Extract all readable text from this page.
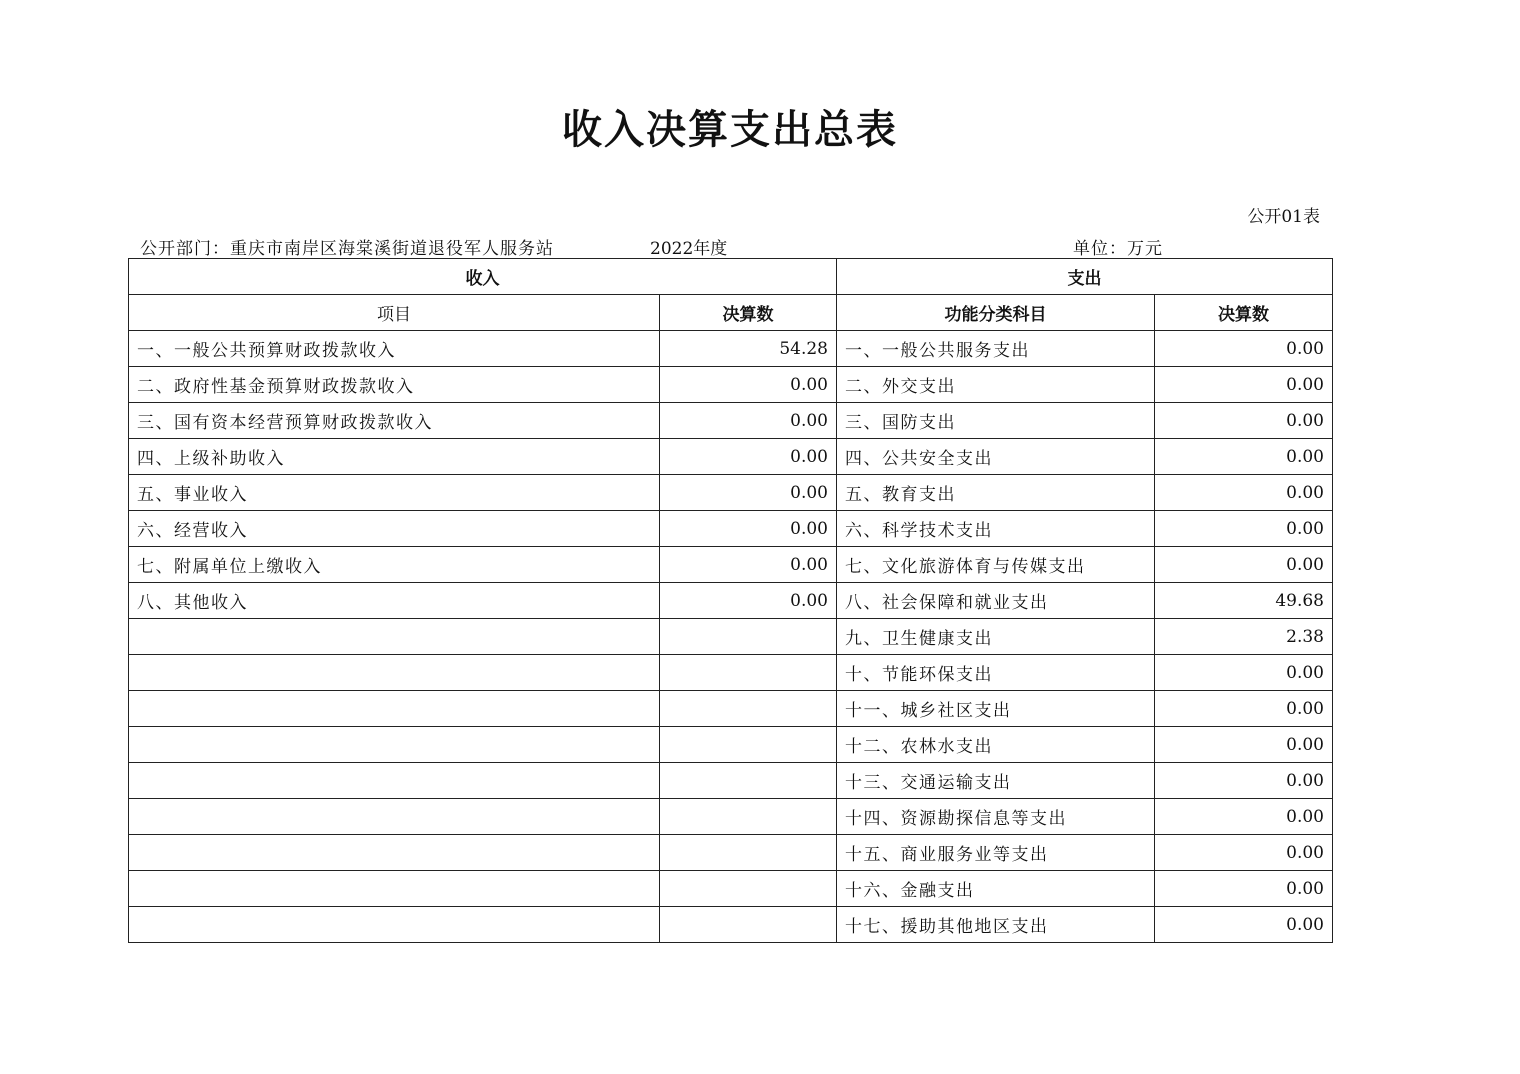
收入决算支出总表
公开01表
公开部门：重庆市南岸区海棠溪街道退役军人服务站	2022年度	单位：万元
收入		支出	
项目	决算数	功能分类科目	决算数
一、一般公共预算财政拨款收入	54.28	一、一般公共服务支出	0.00
二、政府性基金预算财政拨款收入	0.00	二、外交支出	0.00
三、国有资本经营预算财政拨款收入	0.00	三、国防支出	0.00
四、上级补助收入	0.00	四、公共安全支出	0.00
五、事业收入	0.00	五、教育支出	0.00
六、经营收入	0.00	六、科学技术支出	0.00
七、附属单位上缴收入	0.00	七、文化旅游体育与传媒支出	0.00
八、其他收入	0.00	八、社会保障和就业支出	49.68
		九、卫生健康支出	2.38
		十、节能环保支出	0.00
		十一、城乡社区支出	0.00
		十二、农林水支出	0.00
		十三、交通运输支出	0.00
		十四、资源勘探信息等支出	0.00
		十五、商业服务业等支出	0.00
		十六、金融支出	0.00
		十七、援助其他地区支出	0.00
